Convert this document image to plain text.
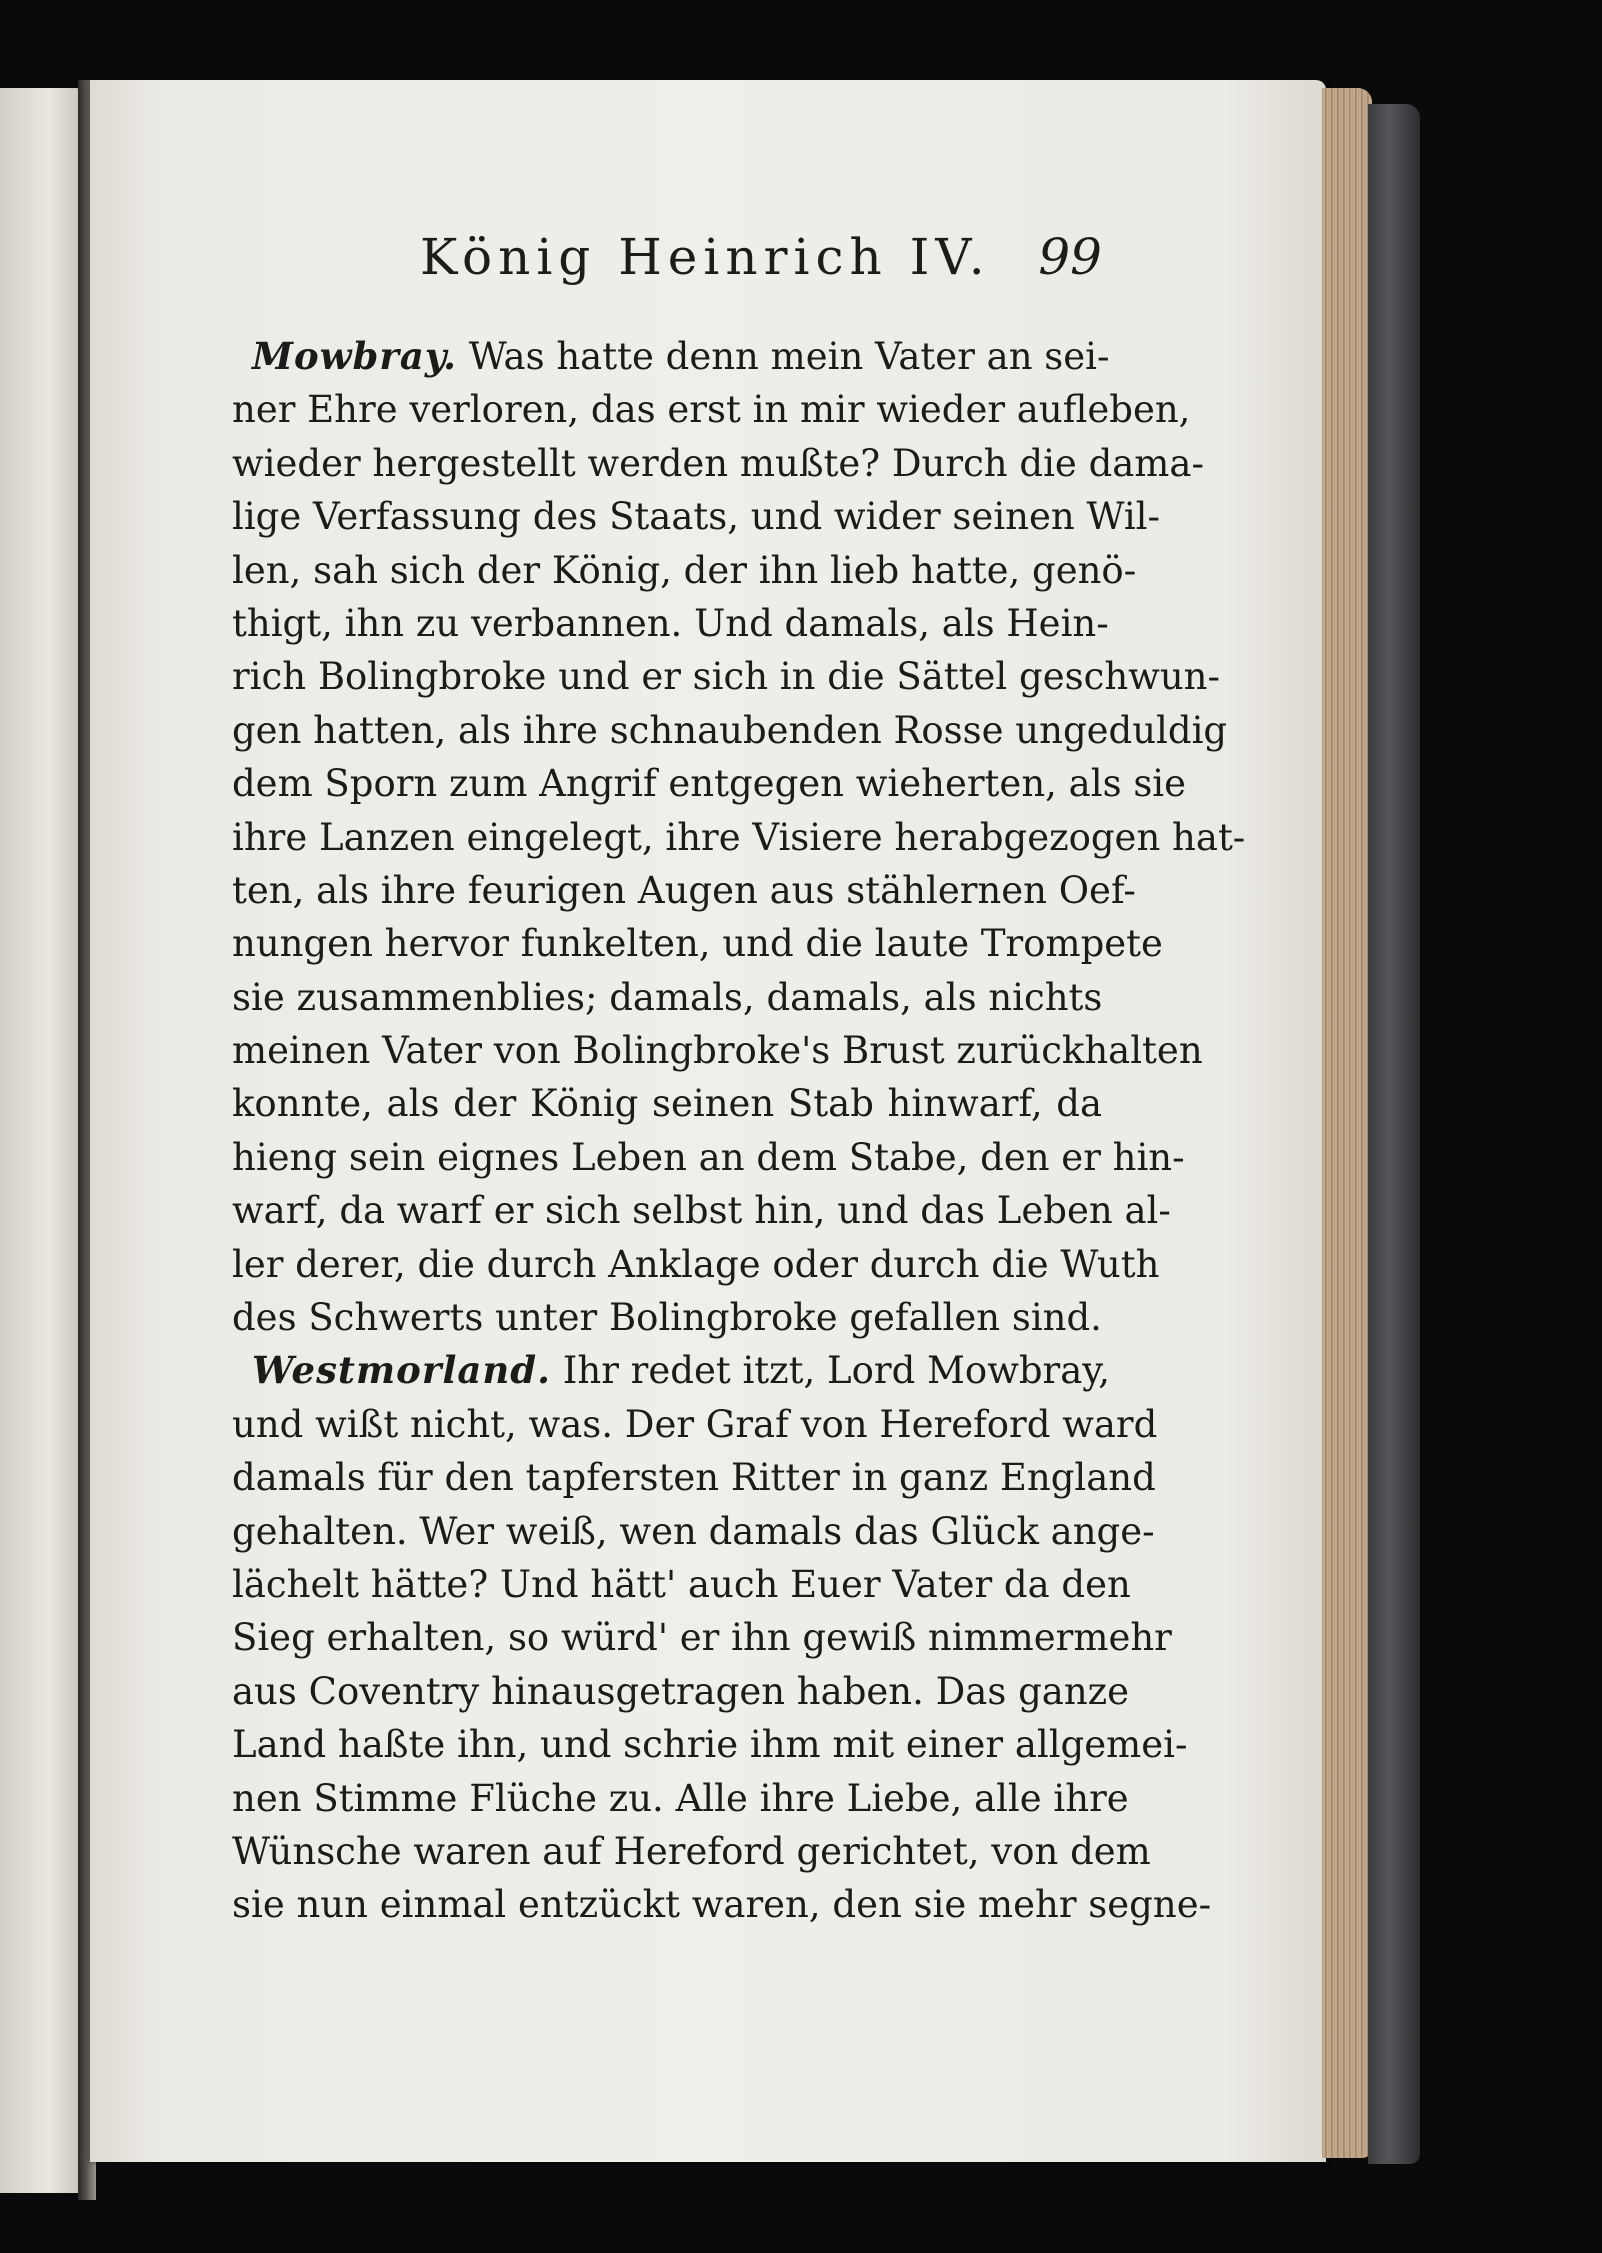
König Heinrich IV. 99
Mowbray. Was hatte denn mein Vater an sei-
ner Ehre verloren, das erst in mir wieder aufleben,
wieder hergestellt werden mußte? Durch die dama-
lige Verfassung des Staats, und wider seinen Wil-
len, sah sich der König, der ihn lieb hatte, genö-
thigt, ihn zu verbannen. Und damals, als Hein-
rich Bolingbroke und er sich in die Sättel geschwun-
gen hatten, als ihre schnaubenden Rosse ungeduldig
dem Sporn zum Angrif entgegen wieherten, als sie
ihre Lanzen eingelegt, ihre Visiere herabgezogen hat-
ten, als ihre feurigen Augen aus stählernen Oef-
nungen hervor funkelten, und die laute Trompete
sie zusammenblies; damals, damals, als nichts
meinen Vater von Bolingbroke's Brust zurückhalten
konnte, als der König seinen Stab hinwarf, da
hieng sein eignes Leben an dem Stabe, den er hin-
warf, da warf er sich selbst hin, und das Leben al-
ler derer, die durch Anklage oder durch die Wuth
des Schwerts unter Bolingbroke gefallen sind.
Westmorland. Ihr redet itzt, Lord Mowbray,
und wißt nicht, was. Der Graf von Hereford ward
damals für den tapfersten Ritter in ganz England
gehalten. Wer weiß, wen damals das Glück ange-
lächelt hätte? Und hätt' auch Euer Vater da den
Sieg erhalten, so würd' er ihn gewiß nimmermehr
aus Coventry hinausgetragen haben. Das ganze
Land haßte ihn, und schrie ihm mit einer allgemei-
nen Stimme Flüche zu. Alle ihre Liebe, alle ihre
Wünsche waren auf Hereford gerichtet, von dem
sie nun einmal entzückt waren, den sie mehr segne-
